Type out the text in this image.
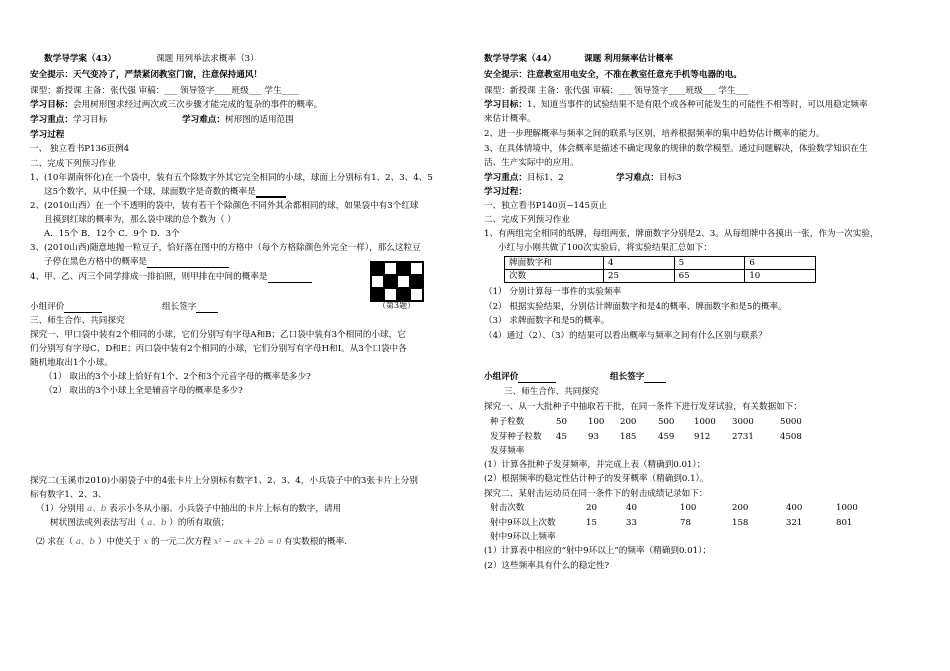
数学导学案（43）	课题 用列举法求概率（3）
安全提示：天气变冷了，严禁紧闭教室门窗，注意保持通风！
课型：新授课 主备：张代强 审稿：___ 领导签字____班级___ 学生____
学习目标：会用树形图求经过两次或三次步骤才能完成的复杂的事件的概率。
学习重点：学习目标	学习难点：树形图的适用范围
学习过程
一、 独立看书P136页例4
二、完成下列预习作业
1、(10年湖南怀化)在一个袋中，装有五个除数字外其它完全相同的小球，球面上分别标有1、2、3、4、5
这5个数字，从中任摸一个球，球面数字是奇数的概率是
2、(2010山西）在一个不透明的袋中，装有若干个除颜色不同外其余都相同的球，如果袋中有3个红球
且摸到红球的概率为，那么袋中球的总个数为（ ）
A．15个 B．12个 C．9个 D．3个
3、(2010山西)随意地抛一粒豆子，恰好落在图中的方格中（每个方格除颜色外完全一样），那么这粒豆
子停在黑色方格中的概率是
4、甲、乙、丙三个同学排成一排拍照，则甲排在中间的概率是
（第3题）
小组评价	组长签字
三、师生合作、共同探究
探究一、甲口袋中装有2个相同的小球，它们分别写有字母A和B；乙口袋中装有3个相同的小球，它
们分别写有字母C、D和E；丙口袋中装有2个相同的小球，它们分别写有字母H和I。从3个口袋中各
随机地取出1个小球。
（1） 取出的3个小球上恰好有1个、2个和3个元音字母的概率是多少?
（2） 取出的3个小球上全是辅音字母的概率是多少?
探究二(玉溪市2010)小丽袋子中的4张卡片上分别标有数字1、2、3、4，小兵袋子中的3张卡片上分别
标有数字1、2、3、
（1）分别用 a、b 表示小冬从小丽、小兵袋子中抽出的卡片上标有的数字，请用
树状图法或列表法写出（ a、b ）的所有取值；
⑵ 求在（ a、b ）中使关于 x 的一元二次方程 x² − ax + 2b = 0 有实数根的概率.
数学导学案（44）	课题 利用频率估计概率
安全提示：注意教室用电安全，不准在教室任意充手机等电器的电。
课型：新授课 主备：张代强 审稿：___ 领导签字____班级___ 学生___
学习目标：1、知道当事件的试验结果不是有限个或各种可能发生的可能性不相等时，可以用稳定频率
来估计概率。
2、进一步理解概率与频率之间的联系与区别，培养根据频率的集中趋势估计概率的能力。
3、在具体情境中，体会概率是描述不确定现象的规律的数学模型。通过问题解决，体验数学知识在生
活、生产实际中的应用。
学习重点：目标1、2	学习难点：目标3
学习过程：
一、独立看书P140页~145页止
二、完成下列预习作业
1、有两组完全相同的纸牌，每组两张，牌面数字分别是2、3。从每组牌中各摸出一张，作为一次实验，
小红与小刚共做了100次实验后，将实验结果汇总如下：
牌面数字和	4	5	6
次数	25	65	10
（1） 分别计算每一事件的实验频率
（2） 根据实验结果，分别估计牌面数字和是4的概率、牌面数字和是5的概率。
（3） 求牌面数字和是5的概率。
（4）通过（2）、（3）的结果可以看出概率与频率之间有什么区别与联系？
小组评价	组长签字
三、师生合作、共同探究
探究一、从一大批种子中抽取若干批，在同一条件下进行发芽试验，有关数据如下：
种子粒数	50 100 200	500 1000 3000	5000
发芽种子粒数 45 93 185	459 912	2731	4508
发芽频率
(1）计算各批种子发芽频率，并完成上表（精确到0.01）；
(2）根据频率的稳定性估计种子的发芽概率（精确到0.1）。
探究二、某射击运动员在同一条件下的射击成绩记录如下：
射击次数	20	40	100	200	400	1000
射中9环以上次数	15	33	78	158	321	801
射中9环以上频率
(1）计算表中相应的“射中9环以上”的频率（精确到0.01）；
(2）这些频率具有什么的稳定性?
